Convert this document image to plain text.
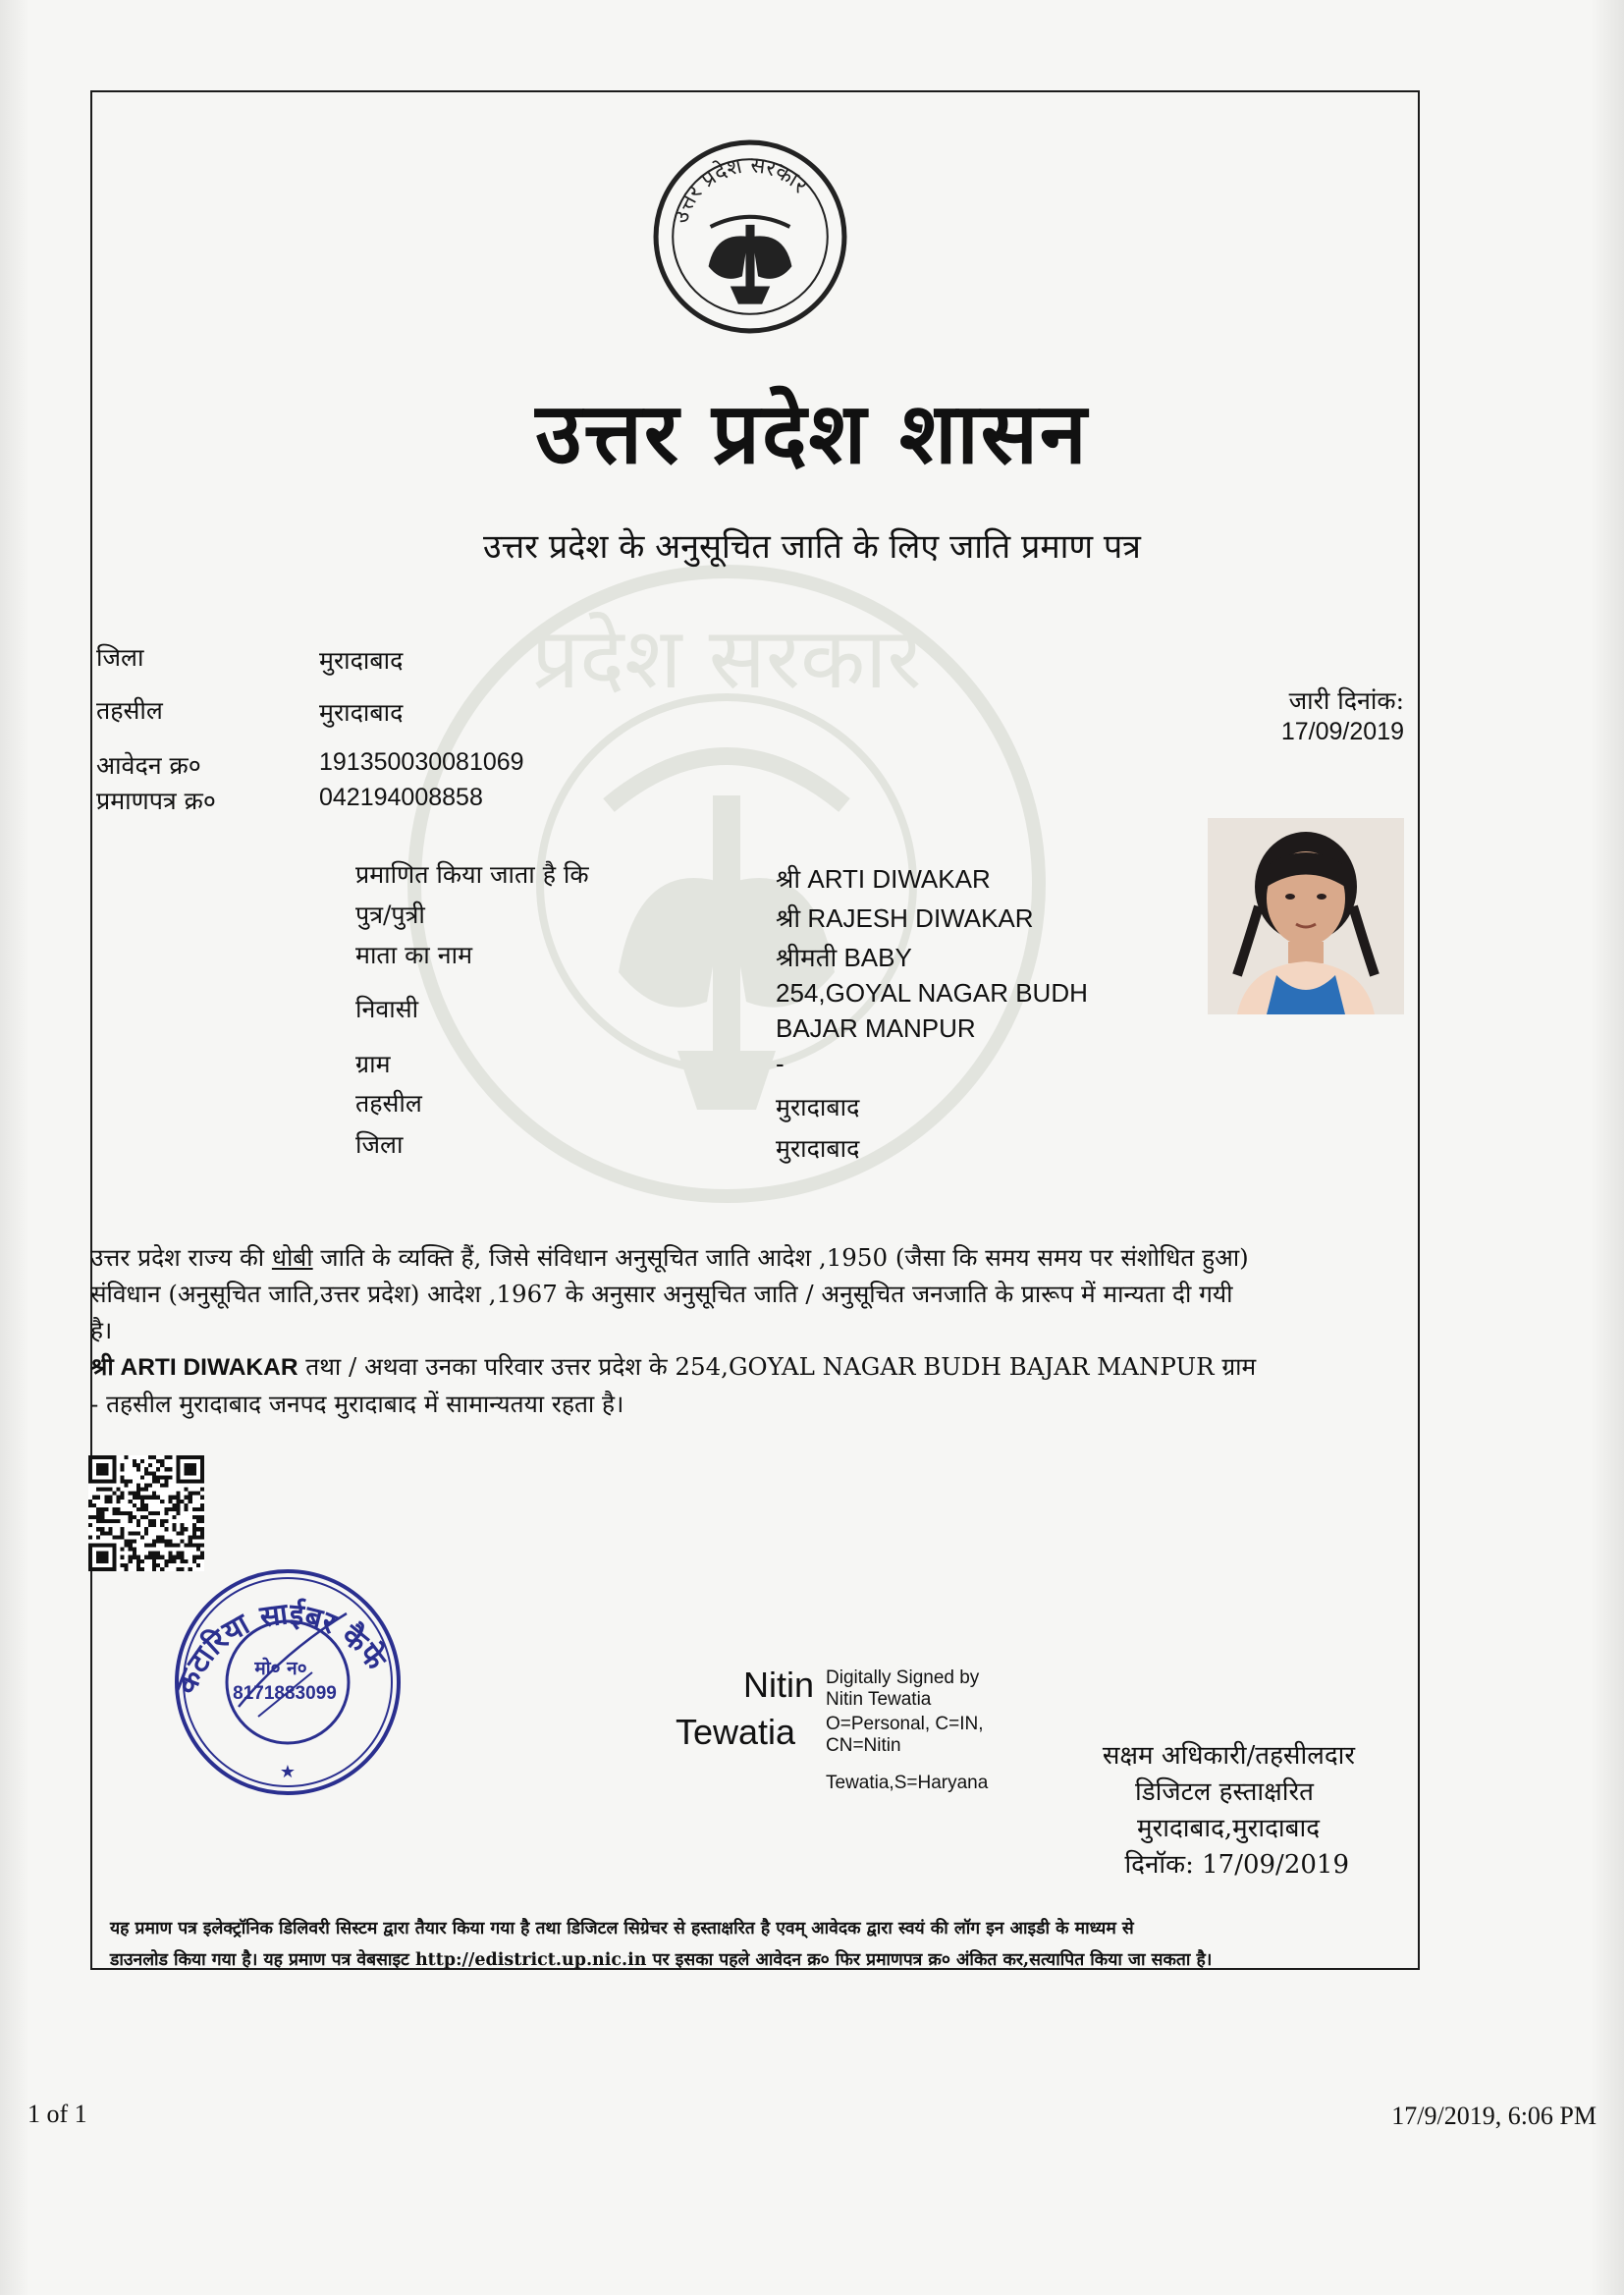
प्रदेश सरकार
उत्तर प्रदेश सरकार
उत्तर प्रदेश शासन
उत्तर प्रदेश के अनुसूचित जाति के लिए जाति प्रमाण पत्र
जिला	मुरादाबाद
तहसील	मुरादाबाद
आवेदन क्र०	191350030081069
प्रमाणपत्र क्र०	042194008858
जारी दिनांक:
17/09/2019
प्रमाणित किया जाता है कि	श्री ARTI DIWAKAR
पुत्र/पुत्री	श्री RAJESH DIWAKAR
माता का नाम	श्रीमती BABY
निवासी
254,GOYAL NAGAR BUDH
BAJAR MANPUR
ग्राम	-
तहसील	मुरादाबाद
जिला	मुरादाबाद
उत्तर प्रदेश राज्य की धोबी जाति के व्यक्ति हैं, जिसे संविधान अनुसूचित जाति आदेश ,1950 (जैसा कि समय समय पर संशोधित हुआ)
संविधान (अनुसूचित जाति,उत्तर प्रदेश) आदेश ,1967 के अनुसार अनुसूचित जाति / अनुसूचित जनजाति के प्रारूप में मान्यता दी गयी
है।
श्री ARTI DIWAKAR तथा / अथवा उनका परिवार उत्तर प्रदेश के 254,GOYAL NAGAR BUDH BAJAR MANPUR ग्राम
- तहसील मुरादाबाद जनपद मुरादाबाद में सामान्यतया रहता है।
कटारिया साईबर कैफे
मो० न०
8171883099
★
Nitin
Tewatia
Digitally Signed by
Nitin Tewatia
O=Personal, C=IN,
CN=Nitin
Tewatia,S=Haryana
सक्षम अधिकारी/तहसीलदार
डिजिटल हस्ताक्षरित
मुरादाबाद,मुरादाबाद
दिनॉक: 17/09/2019
यह प्रमाण पत्र इलेक्ट्रॉनिक डिलिवरी सिस्टम द्वारा तैयार किया गया है तथा डिजिटल सिग्रेचर से हस्ताक्षरित है एवम् आवेदक द्वारा स्वयं की लॉग इन आइडी के माध्यम से
डाउनलोड किया गया है। यह प्रमाण पत्र वेबसाइट http://edistrict.up.nic.in पर इसका पहले आवेदन क्र० फिर प्रमाणपत्र क्र० अंकित कर,सत्यापित किया जा सकता है।
1 of 1	17/9/2019, 6:06 PM
